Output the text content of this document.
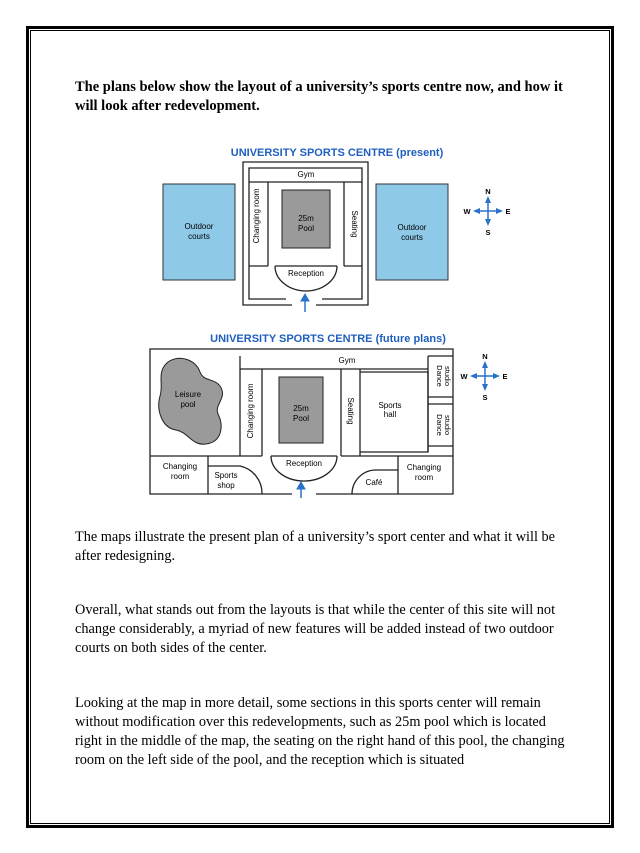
The plans below show the layout of a university’s sports centre now, and how it will look after redevelopment.
UNIVERSITY SPORTS CENTRE (present)
Outdoor
courts
Outdoor
courts
Gym
25m
Pool
Changing room	Seating
Reception
N
S
W	E
UNIVERSITY SPORTS CENTRE (future plans)
Leisure
pool
Gym
Changing room	25m
Pool	Seating	Sports
hall
Dance studio
Dance studio
Reception
Changing
room	Sports
shop	Café
Changing
room
N
S
W	E
The maps illustrate the present plan of a university’s sport center and what it will be after redesigning.
Overall, what stands out from the layouts is that while the center of this site will not change considerably, a myriad of new features will be added instead of two outdoor courts on both sides of the center.
Looking at the map in more detail, some sections in this sports center will remain without modification over this redevelopments, such as 25m pool which is located right in the middle of the map, the seating on the right hand of this pool, the changing room on the left side of the pool, and the reception which is situated
